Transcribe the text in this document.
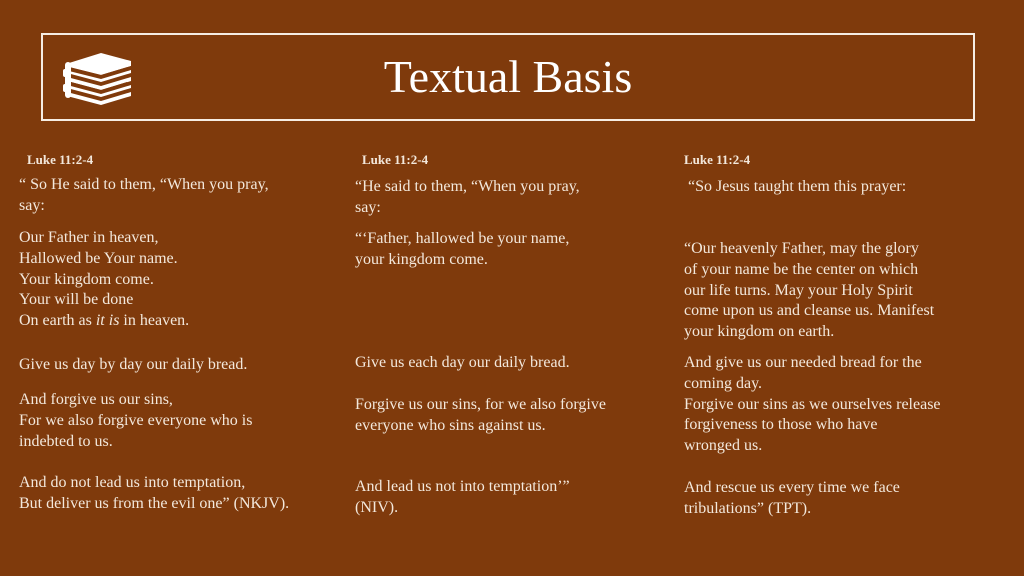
Textual Basis
Luke 11:2-4
“ So He said to them, “When you pray,
say:
Our Father in heaven,
Hallowed be Your name.
Your kingdom come.
Your will be done
On earth as it is in heaven.
Give us day by day our daily bread.
And forgive us our sins,
For we also forgive everyone who is
indebted to us.
And do not lead us into temptation,
But deliver us from the evil one” (NKJV).
Luke 11:2-4
“He said to them, “When you pray,
say:
“‘Father, hallowed be your name,
your kingdom come.
Give us each day our daily bread.
Forgive us our sins, for we also forgive
everyone who sins against us.
And lead us not into temptation’”
(NIV).
Luke 11:2-4
“So Jesus taught them this prayer:
“Our heavenly Father, may the glory
of your name be the center on which
our life turns. May your Holy Spirit
come upon us and cleanse us. Manifest
your kingdom on earth.
And give us our needed bread for the
coming day.
Forgive our sins as we ourselves release
forgiveness to those who have
wronged us.
And rescue us every time we face
tribulations” (TPT).
